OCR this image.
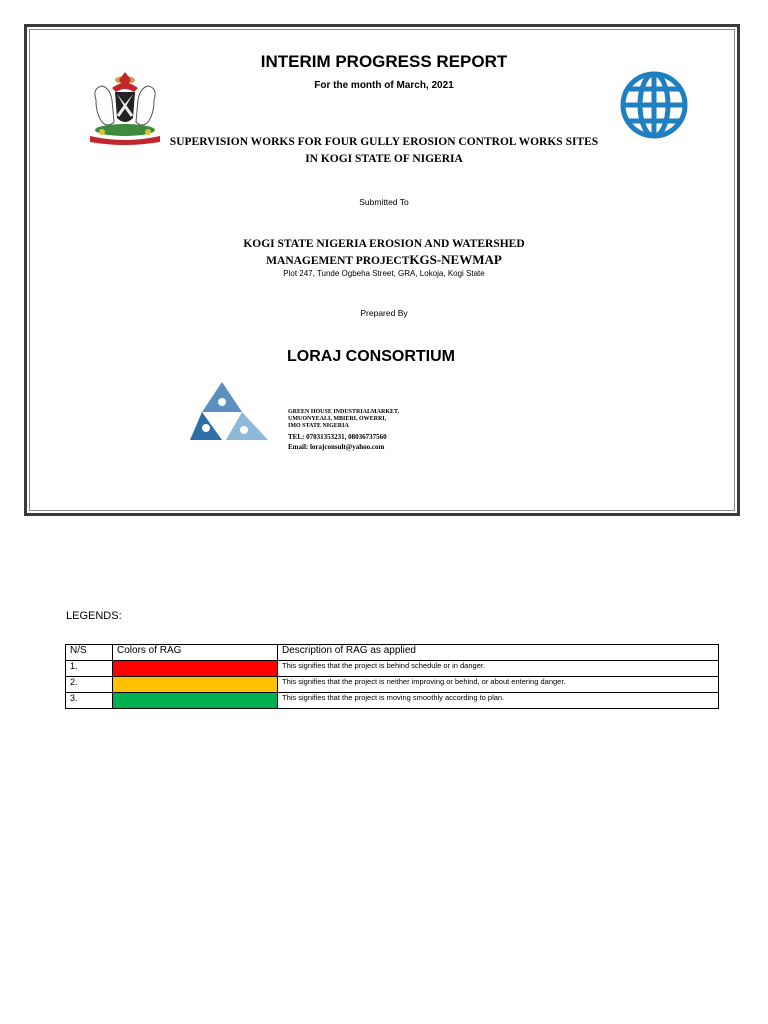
INTERIM PROGRESS REPORT
For the month of March, 2021
SUPERVISION WORKS FOR FOUR GULLY EROSION CONTROL WORKS SITES
IN KOGI STATE OF NIGERIA
Submitted To
KOGI STATE NIGERIA EROSION AND WATERSHED
MANAGEMENT PROJECTKGS-NEWMAP
Plot 247, Tunde Ogbeha Street, GRA, Lokoja, Kogi State
Prepared By
LORAJ CONSORTIUM
GREEN HOUSE INDUSTRIALMARKET,
UMUONYEALI, MBIERI, OWERRI,
IMO STATE NIGERIA
TEL: 07031353231, 08036737560
Email: lorajconsult@yahoo.com
LEGENDS:
N/S	Colors of RAG	Description of RAG as applied
1.		This signifies that the project is behind schedule or in danger.
2.		This signifies that the project is neither improving or behind, or about entering danger.
3.		This signifies that the project is moving smoothly according to plan.
